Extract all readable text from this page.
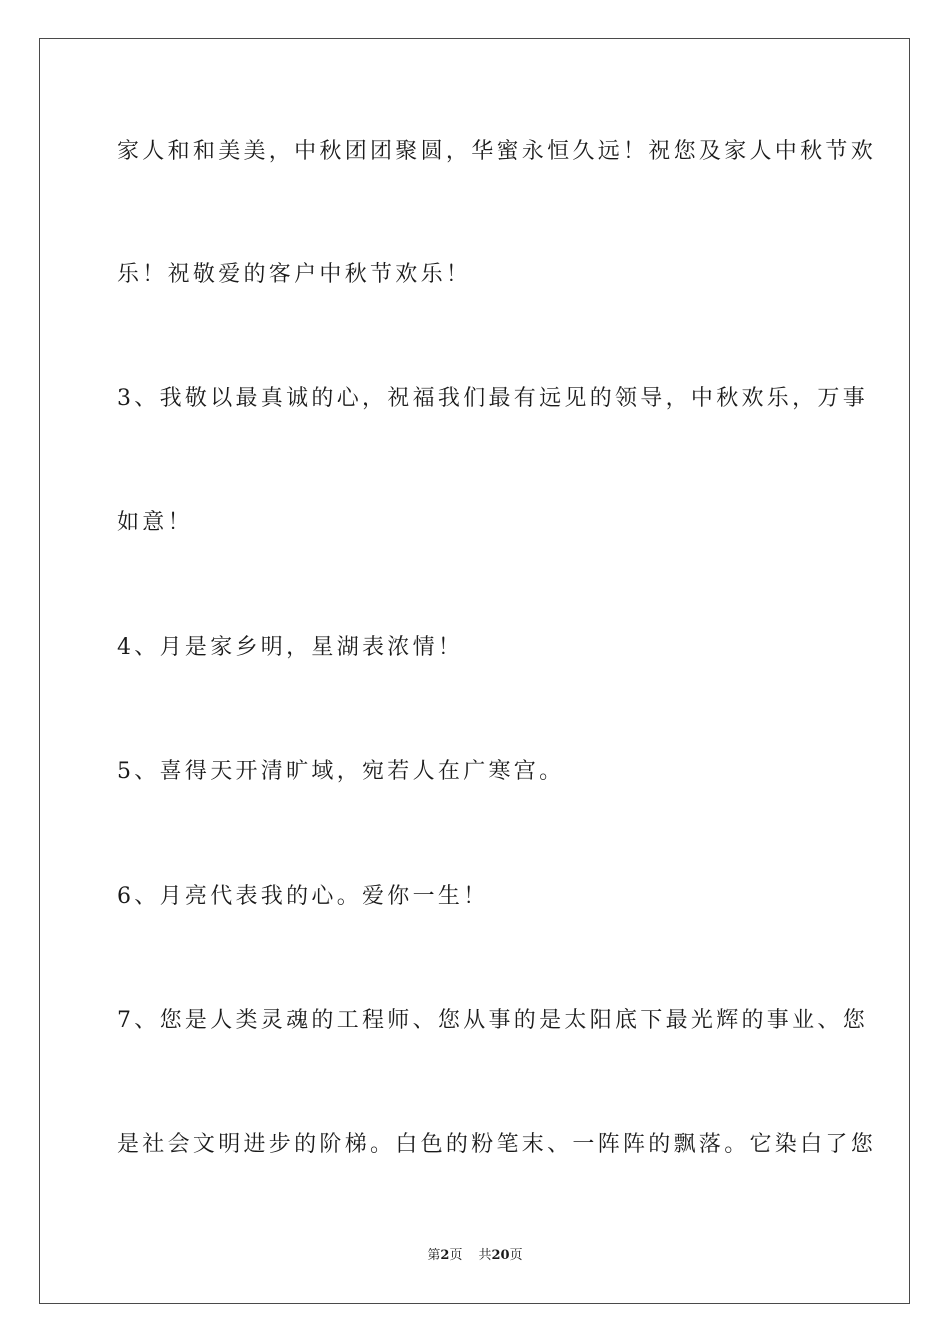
家人和和美美，中秋团团聚圆，华蜜永恒久远！祝您及家人中秋节欢
乐！祝敬爱的客户中秋节欢乐！
3、我敬以最真诚的心，祝福我们最有远见的领导，中秋欢乐，万事
如意！
4、月是家乡明，星湖表浓情！
5、喜得天开清旷域，宛若人在广寒宫。
6、月亮代表我的心。爱你一生！
7、您是人类灵魂的工程师、您从事的是太阳底下最光辉的事业、您
是社会文明进步的阶梯。白色的粉笔末、一阵阵的飘落。它染白了您
第2页 共20页
